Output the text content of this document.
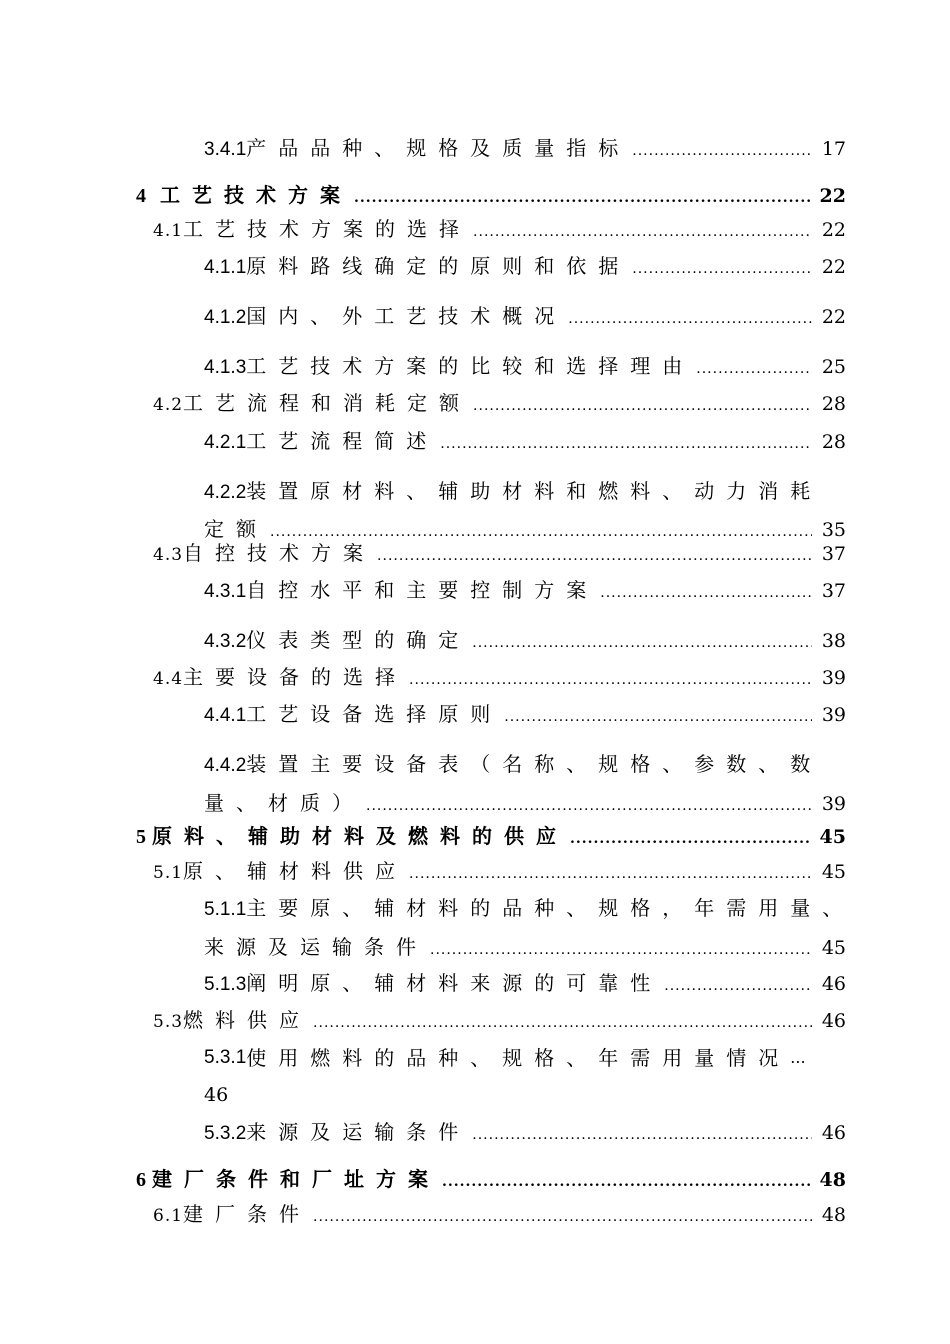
3.4.1 产品品种、规格及质量指标 .....	17
4 工艺技术方案 .....	22
4.1 工艺技术方案的选择 .....	22
4.1.1 原料路线确定的原则和依据 .....	22
4.1.2 国内、外工艺技术概况 .....	22
4.1.3 工艺技术方案的比较和选择理由 .....	25
4.2 工艺流程和消耗定额 .....	28
4.2.1 工艺流程简述 .....	28
4.2.2装置原材料、辅助材料和燃料、动力消耗
定额 .....	35
4.3 自控技术方案 .....	37
4.3.1 自控水平和主要控制方案 .....	37
4.3.2 仪表类型的确定 .....	38
4.4 主要设备的选择 .....	39
4.4.1 工艺设备选择原则 .....	39
4.4.2装置主要设备表（名称、规格、参数、数
量、材质） .....	39
5 原料、辅助材料及燃料的供应 .....	45
5.1 原、辅材料供应 .....	45
5.1.1主要原、辅材料的品种、规格，年需用量、
来源及运输条件 .....	45
5.1.3 阐明原、辅材料来源的可靠性 .....	46
5.3 燃料供应 .....	46
5.3.1 使用燃料的品种、规格、年需用量情况 ...
46
5.3.2 来源及运输条件 .....	46
6 建厂条件和厂址方案 .....	48
6.1 建厂条件 .....	48
